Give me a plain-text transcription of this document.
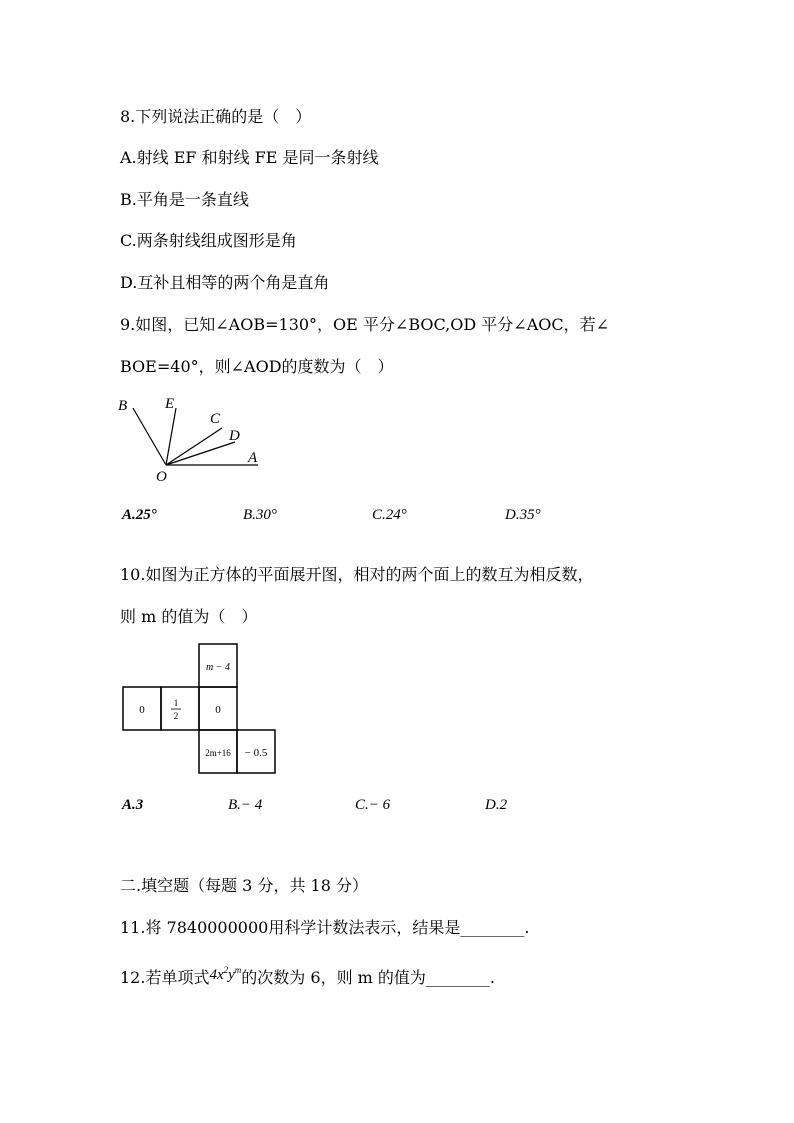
8.下列说法正确的是（　）
A.射线 EF 和射线 FE 是同一条射线
B.平角是一条直线
C.两条射线组成图形是角
D.互补且相等的两个角是直角
9.如图，已知∠AOB=130°，OE 平分∠BOC,OD 平分∠AOC，若∠
BOE=40°，则∠AOD的度数为（　）
B	E
C
D
A
O
A.25°	B.30°	C.24°	D.35°
10.如图为正方体的平面展开图，相对的两个面上的数互为相反数，
则 m 的值为（　）
m − 4
0
1
2	0
2m+16 − 0.5
A.3	B.− 4	C.− 6	D.2
二.填空题（每题 3 分，共 18 分）
11.将 7840000000用科学计数法表示，结果是________.
12.若单项式$4x^2y^m$的次数为 6，则 m 的值为________.
